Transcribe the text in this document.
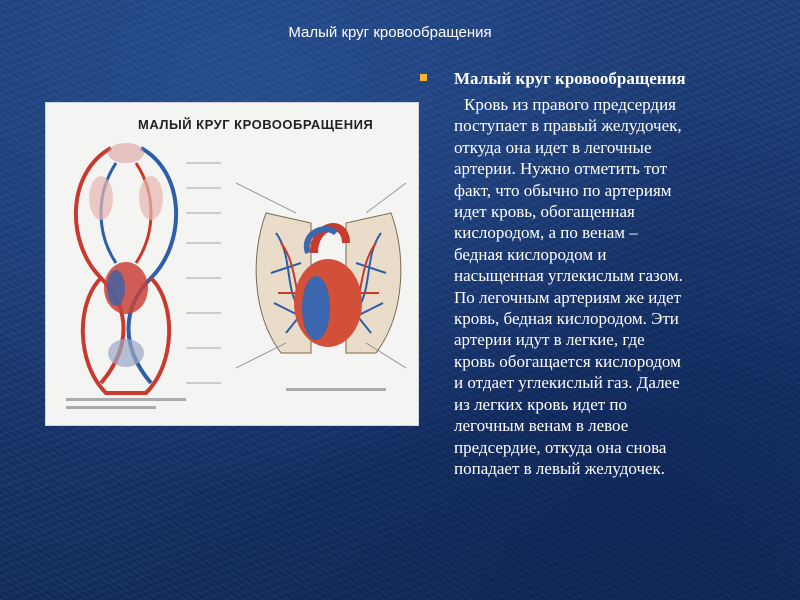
Малый круг кровообращения
МАЛЫЙ КРУГ КРОВООБРАЩЕНИЯ
Малый круг кровообращения
Кровь из правого предсердия
поступает в правый желудочек,
откуда она идет в легочные
артерии. Нужно отметить тот
факт, что обычно по артериям
идет кровь, обогащенная
кислородом, а по венам –
бедная кислородом и
насыщенная углекислым газом.
По легочным артериям же идет
кровь, бедная кислородом. Эти
артерии идут в легкие, где
кровь обогащается кислородом
и отдает углекислый газ. Далее
из легких кровь идет по
легочным венам в левое
предсердие, откуда она снова
попадает в левый желудочек.
